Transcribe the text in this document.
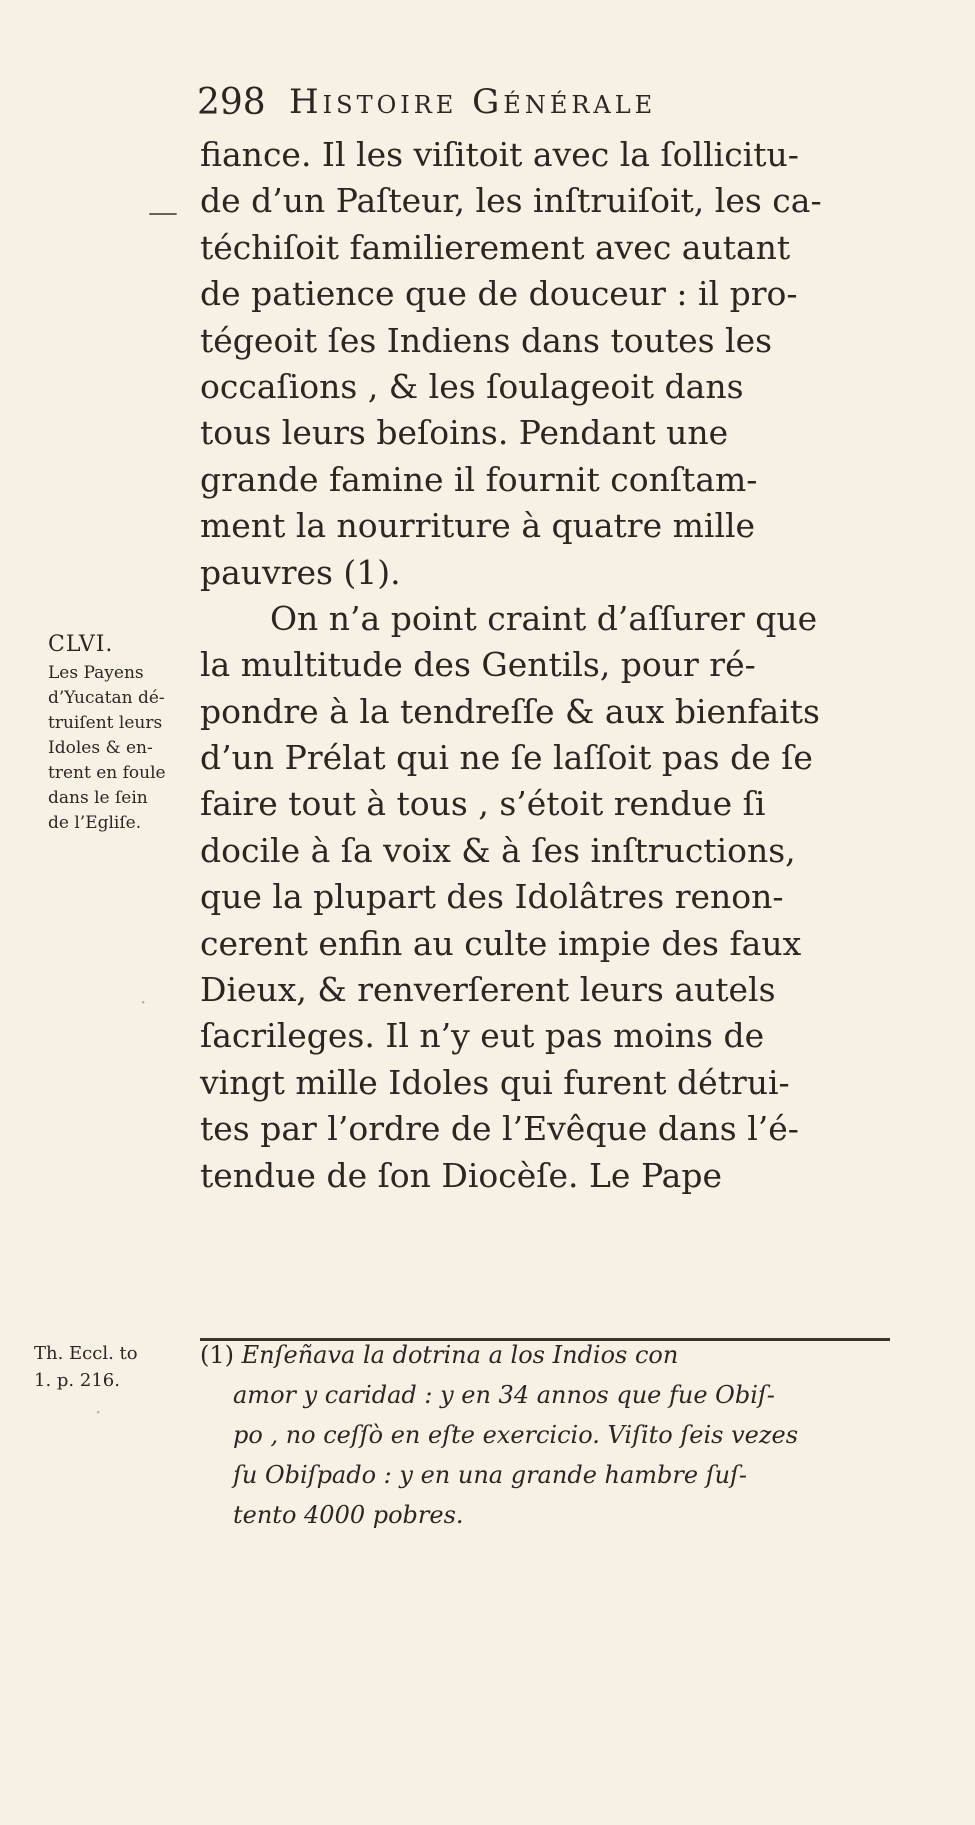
298 Histoire Générale
—
fiance. Il les viſitoit avec la ſollicitu-
de d’un Paſteur, les inſtruiſoit, les ca-
téchiſoit familierement avec autant
de patience que de douceur : il pro-
tégeoit ſes Indiens dans toutes les
occaſions , & les ſoulageoit dans
tous leurs beſoins. Pendant une
grande famine il fournit conſtam-
ment la nourriture à quatre mille
pauvres (1).
On n’a point craint d’aſſurer que
la multitude des Gentils, pour ré-
pondre à la tendreſſe & aux bienfaits
d’un Prélat qui ne ſe laſſoit pas de ſe
faire tout à tous , s’étoit rendue ſi
docile à ſa voix & à ſes inſtructions,
que la plupart des Idolâtres renon-
cerent enfin au culte impie des faux
Dieux, & renverſerent leurs autels
ſacrileges. Il n’y eut pas moins de
vingt mille Idoles qui furent détrui-
tes par l’ordre de l’Evêque dans l’é-
tendue de ſon Diocèſe. Le Pape
CLVI.
Les Payens
d’Yucatan dé-
truiſent leurs
Idoles & en-
trent en foule
dans le ſein
de l’Egliſe.
·
·
Th. Eccl. to
1. p. 216.
(1) Enſeñava la dotrina a los Indios con
amor y caridad : y en 34 annos que fue Obiſ-
po , no ceſſò en eſte exercicio. Viſito ſeis vezes
ſu Obiſpado : y en una grande hambre ſuſ-
tento 4000 pobres.
